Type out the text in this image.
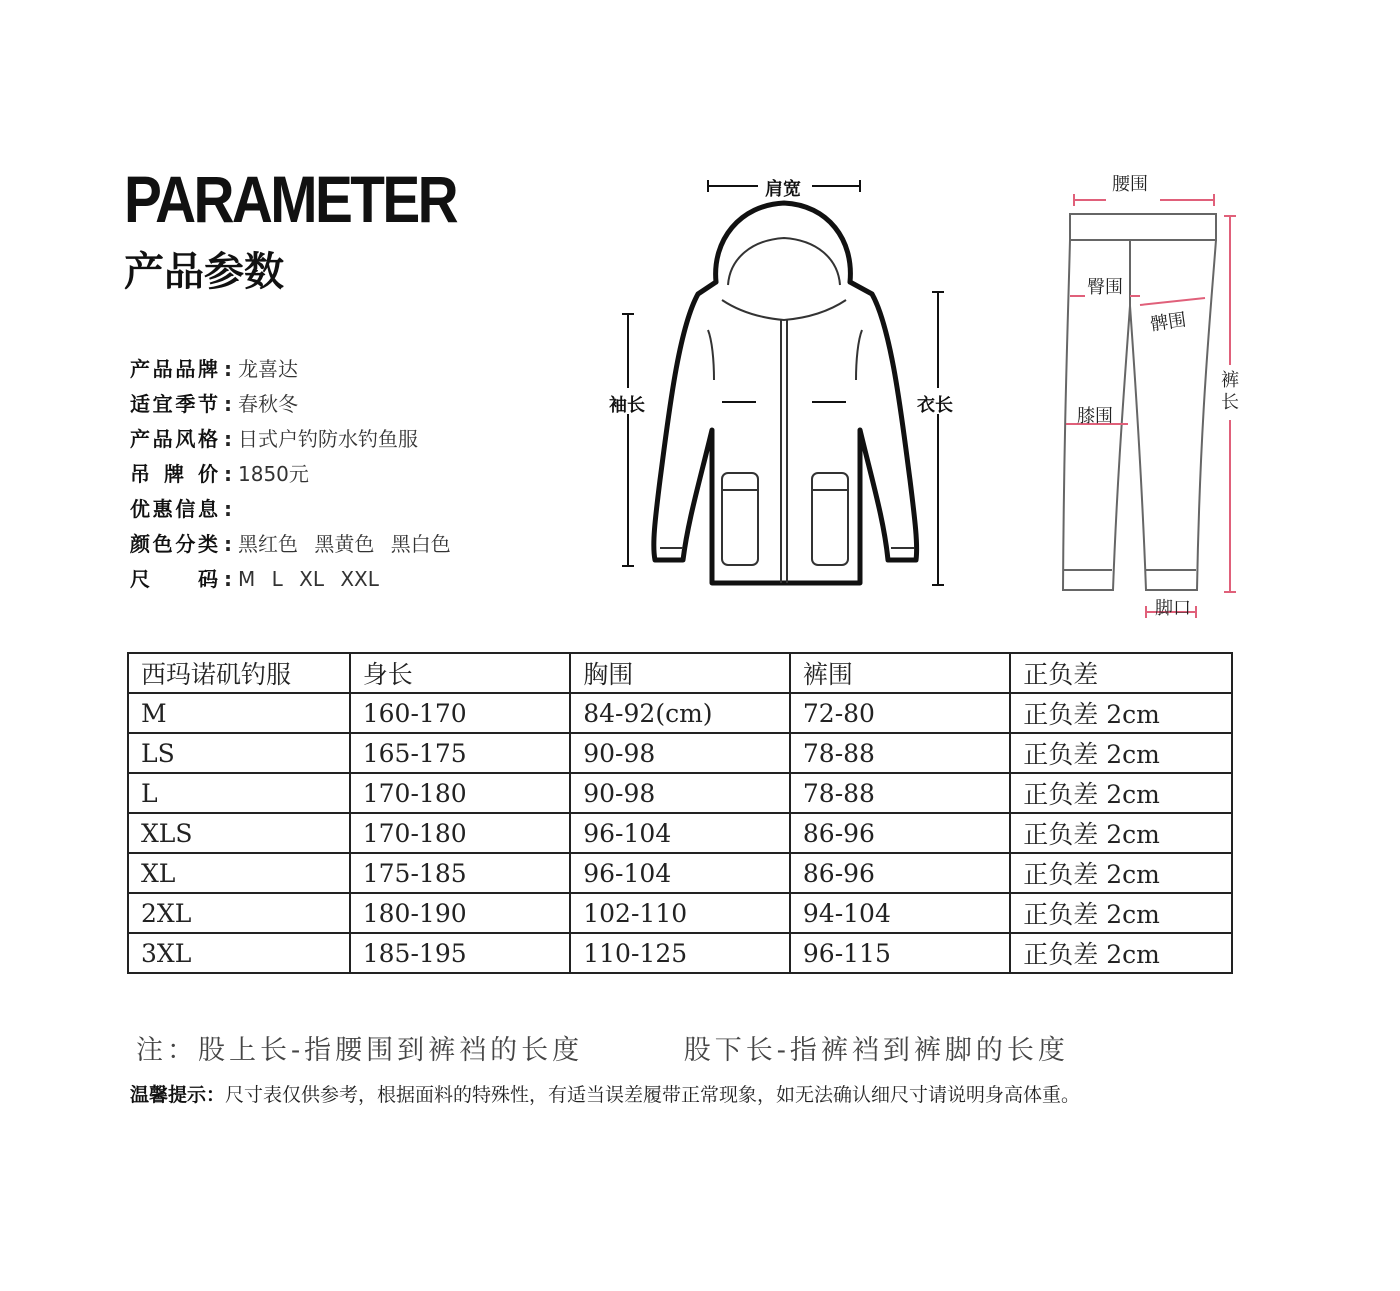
PARAMETER
产品参数
产品品牌 : 龙喜达
适宜季节 : 春秋冬
产品风格 : 日式户钓防水钓鱼服
吊牌价 : 1850元
优惠信息 :
颜色分类 : 黑红色 黑黄色 黑白色
尺码 : M L XL XXL
肩宽
袖长	衣长
腰围
臀围
髀围
膝围
脚口
裤长
西玛诺矶钓服	身长	胸围	裤围	正负差
M	160-170	84-92(cm)	72-80	正负差 2cm
LS	165-175	90-98	78-88	正负差 2cm
L	170-180	90-98	78-88	正负差 2cm
XLS	170-180	96-104	86-96	正负差 2cm
XL	175-185	96-104	86-96	正负差 2cm
2XL	180-190	102-110	94-104	正负差 2cm
3XL	185-195	110-125	96-115	正负差 2cm
注：股上长-指腰围到裤裆的长度	股下长-指裤裆到裤脚的长度
温馨提示：尺寸表仅供参考，根据面料的特殊性，有适当误差履带正常现象，如无法确认细尺寸请说明身高体重。
